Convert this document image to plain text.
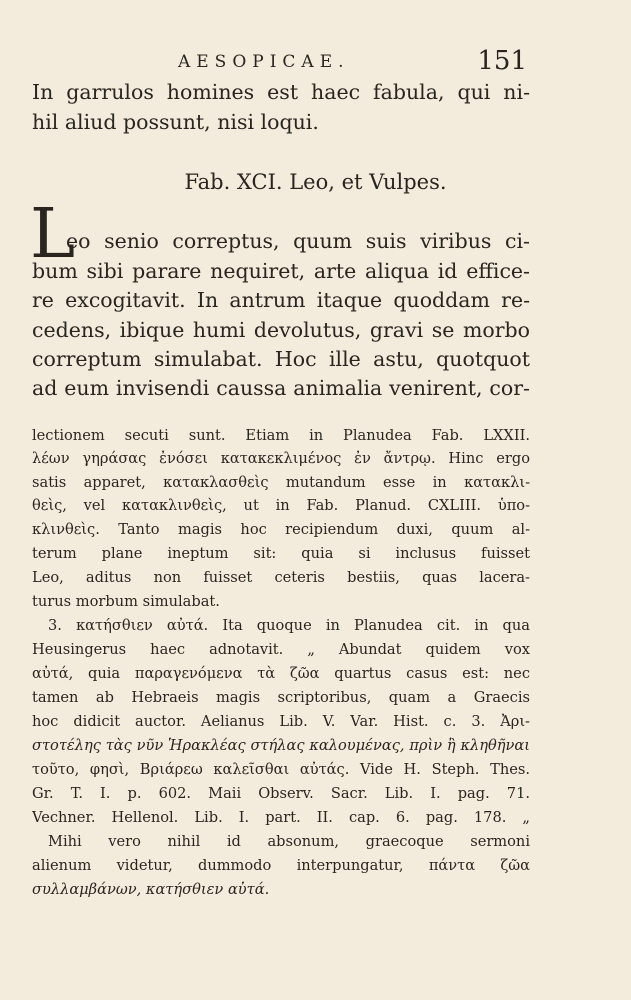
AESOPICAE.	151
In garrulos homines est haec fabula, qui ni-
hil aliud possunt, nisi loqui.
Fab. XCI. Leo, et Vulpes.
L
eo senio correptus, quum suis viribus ci-
bum sibi parare nequiret, arte aliqua id effice-
re excogitavit. In antrum itaque quoddam re-
cedens, ibique humi devolutus, gravi se morbo
correptum simulabat. Hoc ille astu, quotquot
ad eum invisendi caussa animalia venirent, cor-
lectionem secuti sunt. Etiam in Planudea Fab. LXXII.
λέων γηράσας ἐνόσει κατακεκλιμένος ἐν ἄντρῳ. Hinc ergo
satis apparet, κατακλασθεὶς mutandum esse in κατακλι-
θεὶς, vel κατακλινθεὶς, ut in Fab. Planud. CXLIII. ὑπο-
κλινθεὶς. Tanto magis hoc recipiendum duxi, quum al-
terum plane ineptum sit: quia si inclusus fuisset
Leo, aditus non fuisset ceteris bestiis, quas lacera-
turus morbum simulabat.
3. κατήσθιεν αὐτά. Ita quoque in Planudea cit. in qua
Heusingerus haec adnotavit. „ Abundat quidem vox
αὐτά, quia παραγενόμενα τὰ ζῶα quartus casus est: nec
tamen ab Hebraeis magis scriptoribus, quam a Graecis
hoc didicit auctor. Aelianus Lib. V. Var. Hist. c. 3. Ἀρι-
στοτέλης τὰς νῦν Ἡρακλέας στήλας καλουμένας, πρὶν ἢ κληθῆναι
τοῦτο, φησὶ, Βριάρεω καλεῖσθαι αὐτάς. Vide H. Steph. Thes.
Gr. T. I. p. 602. Maii Observ. Sacr. Lib. I. pag. 71.
Vechner. Hellenol. Lib. I. part. II. cap. 6. pag. 178. „
Mihi vero nihil id absonum, graecoque sermoni
alienum videtur, dummodo interpungatur, πάντα ζῶα
συλλαμβάνων, κατήσθιεν αὐτά.
